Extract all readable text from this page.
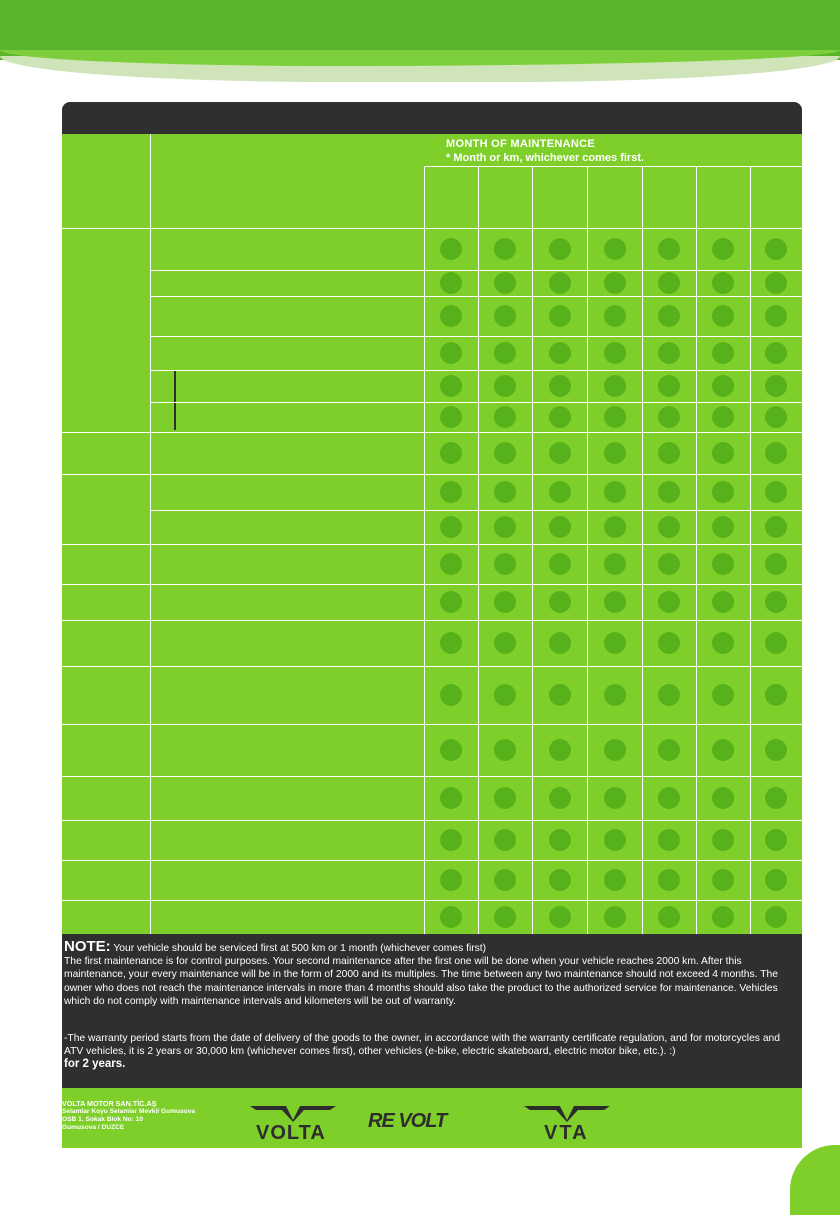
MONTH OF MAINTENANCE
* Month or km, whichever comes first.
NOTE: Your vehicle should be serviced first at 500 km or 1 month (whichever comes first)
The first maintenance is for control purposes. Your second maintenance after the first one will be done when your vehicle reaches 2000 km. After this maintenance, your every maintenance will be in the form of 2000 and its multiples. The time between any two maintenance should not exceed 4 months. The owner who does not reach the maintenance intervals in more than 4 months should also take the product to the authorized service for maintenance. Vehicles which do not comply with maintenance intervals and kilometers will be out of warranty.
-The warranty period starts from the date of delivery of the goods to the owner, in accordance with the warranty certificate regulation, and for motorcycles and ATV vehicles, it is 2 years or 30,000 km (whichever comes first), other vehicles (e-bike, electric skateboard, electric motor bike, etc.). :)
for 2 years.
VOLTA MOTOR SAN.TİC.AŞ
Selamlar Koyu Selamlar Mevkii Gumusova
OSB 1. Sokak Blok No: 10
Gumusova / DUZCE	VOLTA
RE VOLT
VTA
